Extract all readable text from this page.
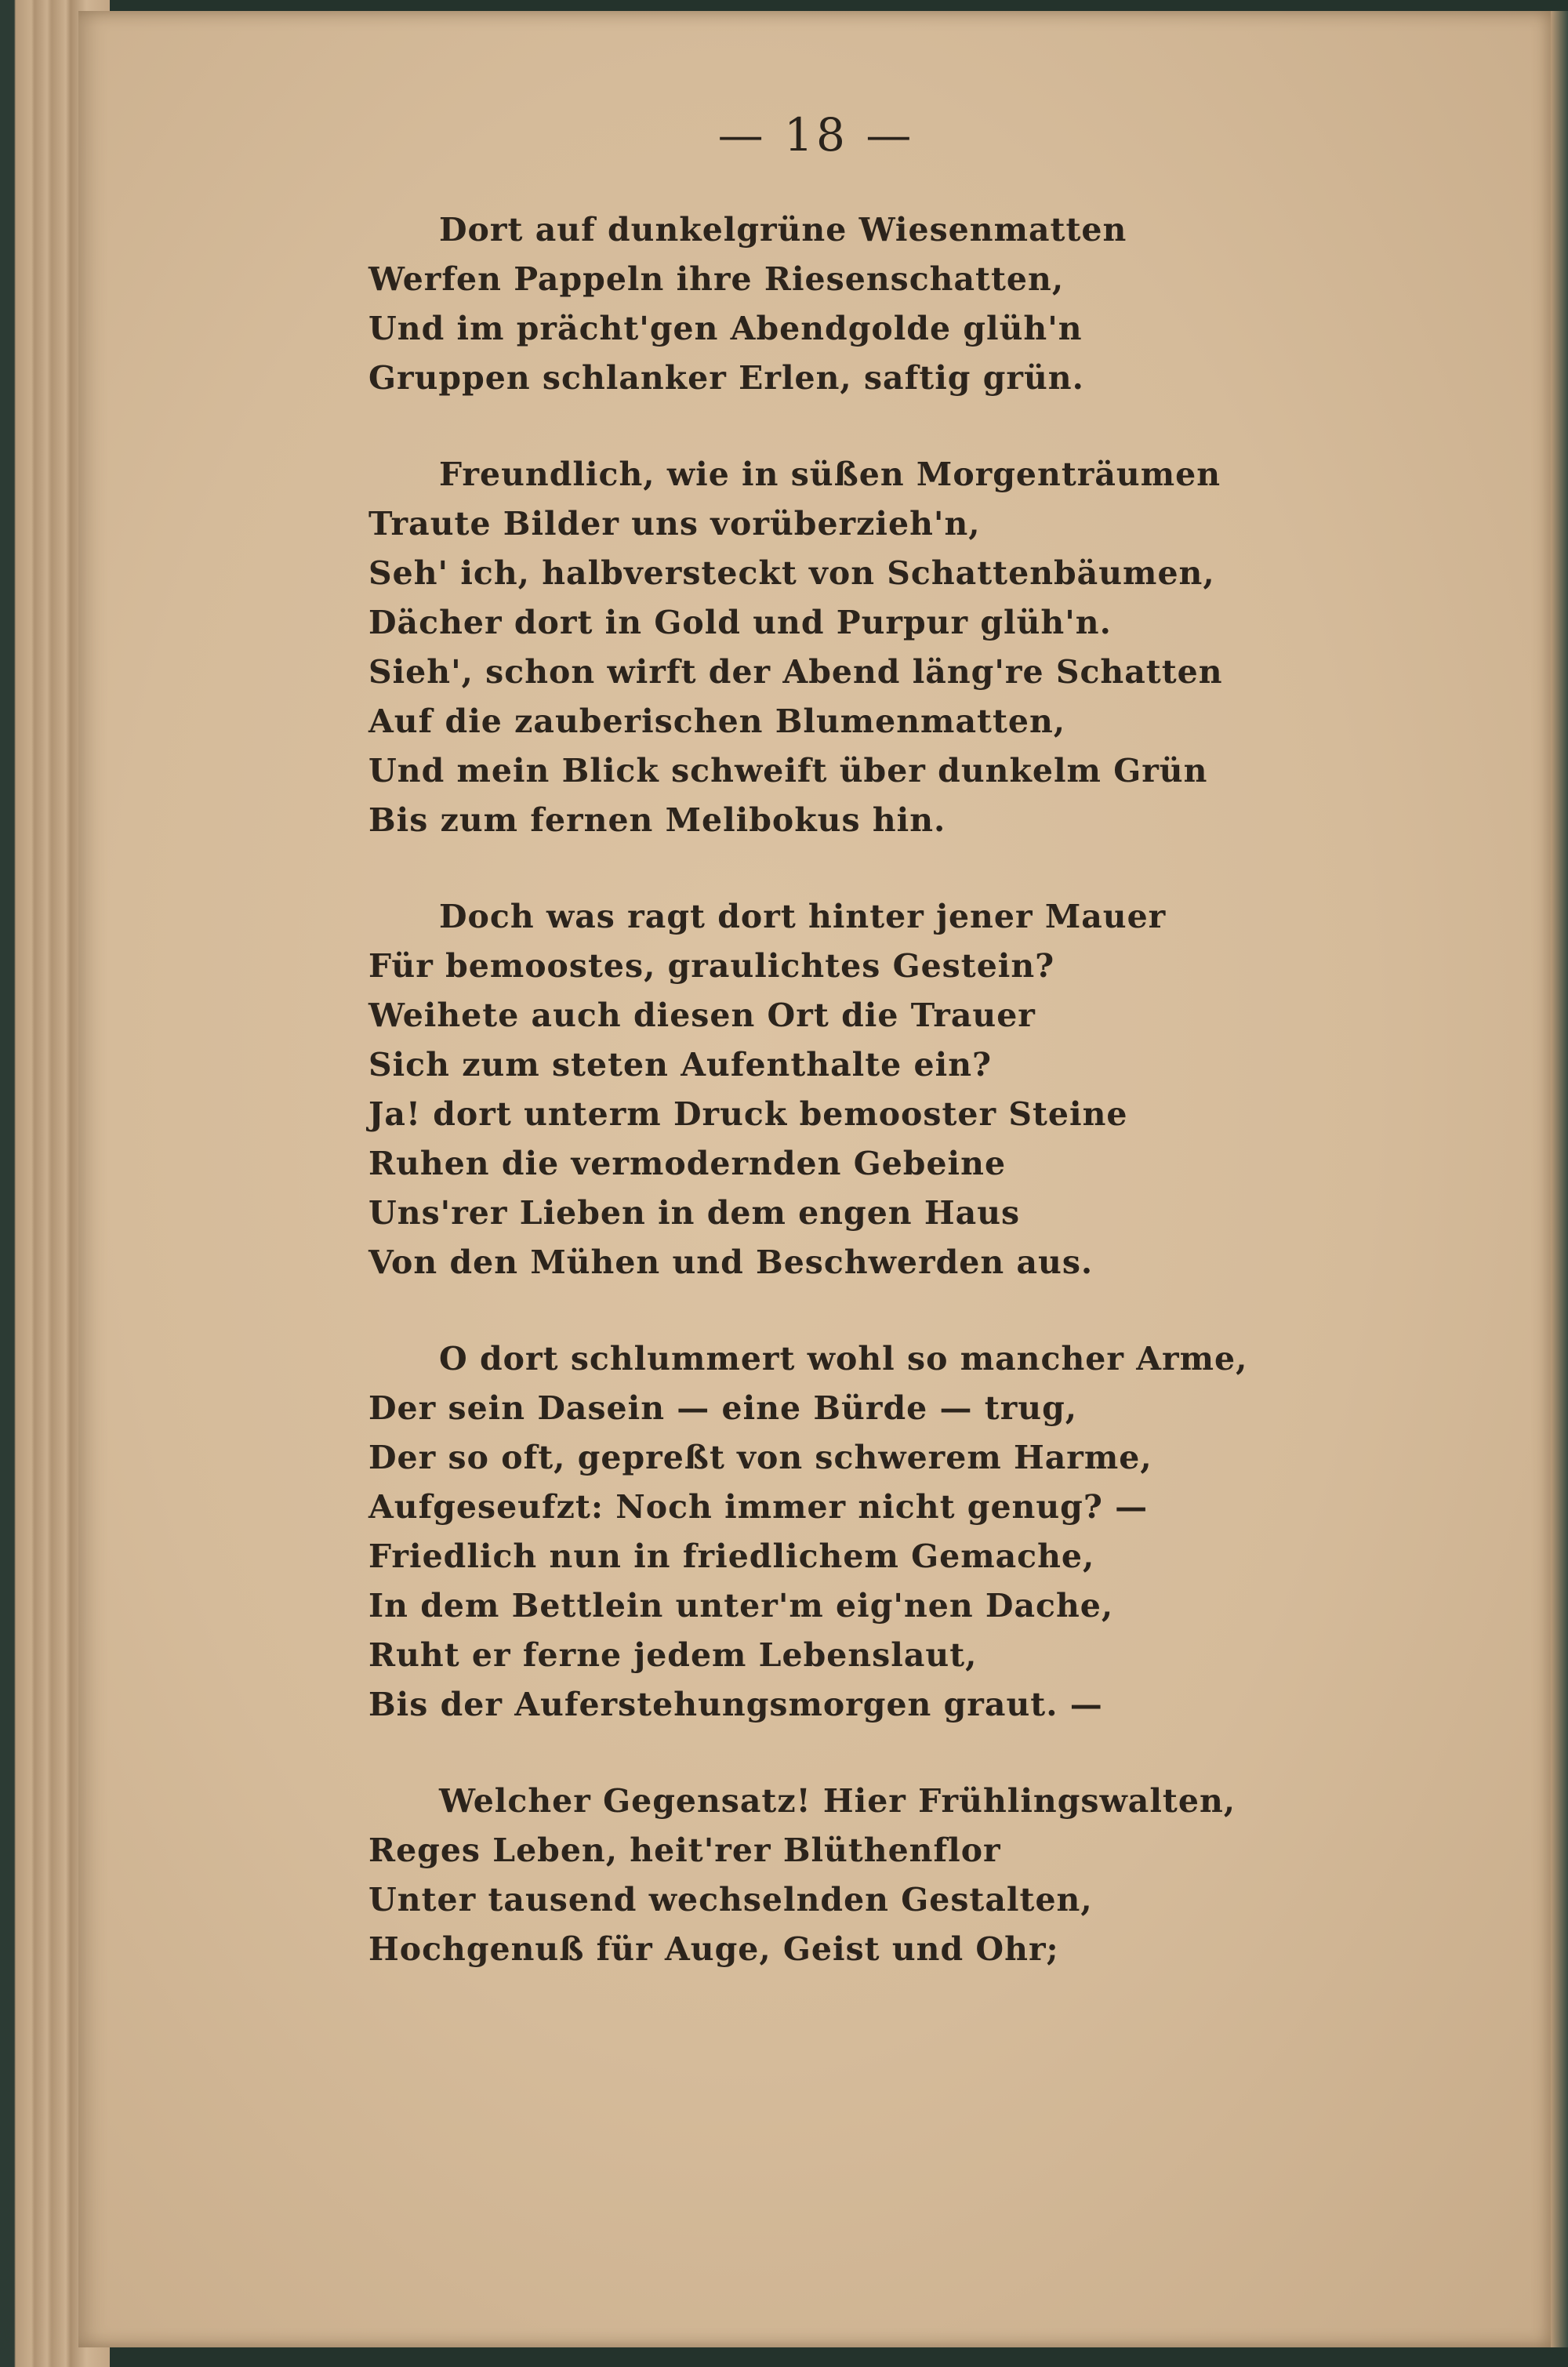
— 18 —
Dort auf dunkelgrüne Wiesenmatten
Werfen Pappeln ihre Riesenschatten,
Und im prächt'gen Abendgolde glüh'n
Gruppen schlanker Erlen, saftig grün.
Freundlich, wie in süßen Morgenträumen
Traute Bilder uns vorüberzieh'n,
Seh' ich, halbversteckt von Schattenbäumen,
Dächer dort in Gold und Purpur glüh'n.
Sieh', schon wirft der Abend läng're Schatten
Auf die zauberischen Blumenmatten,
Und mein Blick schweift über dunkelm Grün
Bis zum fernen Melibokus hin.
Doch was ragt dort hinter jener Mauer
Für bemoostes, graulichtes Gestein?
Weihete auch diesen Ort die Trauer
Sich zum steten Aufenthalte ein?
Ja! dort unterm Druck bemooster Steine
Ruhen die vermodernden Gebeine
Uns'rer Lieben in dem engen Haus
Von den Mühen und Beschwerden aus.
O dort schlummert wohl so mancher Arme,
Der sein Dasein — eine Bürde — trug,
Der so oft, gepreßt von schwerem Harme,
Aufgeseufzt: Noch immer nicht genug? —
Friedlich nun in friedlichem Gemache,
In dem Bettlein unter'm eig'nen Dache,
Ruht er ferne jedem Lebenslaut,
Bis der Auferstehungsmorgen graut. —
Welcher Gegensatz! Hier Frühlingswalten,
Reges Leben, heit'rer Blüthenflor
Unter tausend wechselnden Gestalten,
Hochgenuß für Auge, Geist und Ohr;
